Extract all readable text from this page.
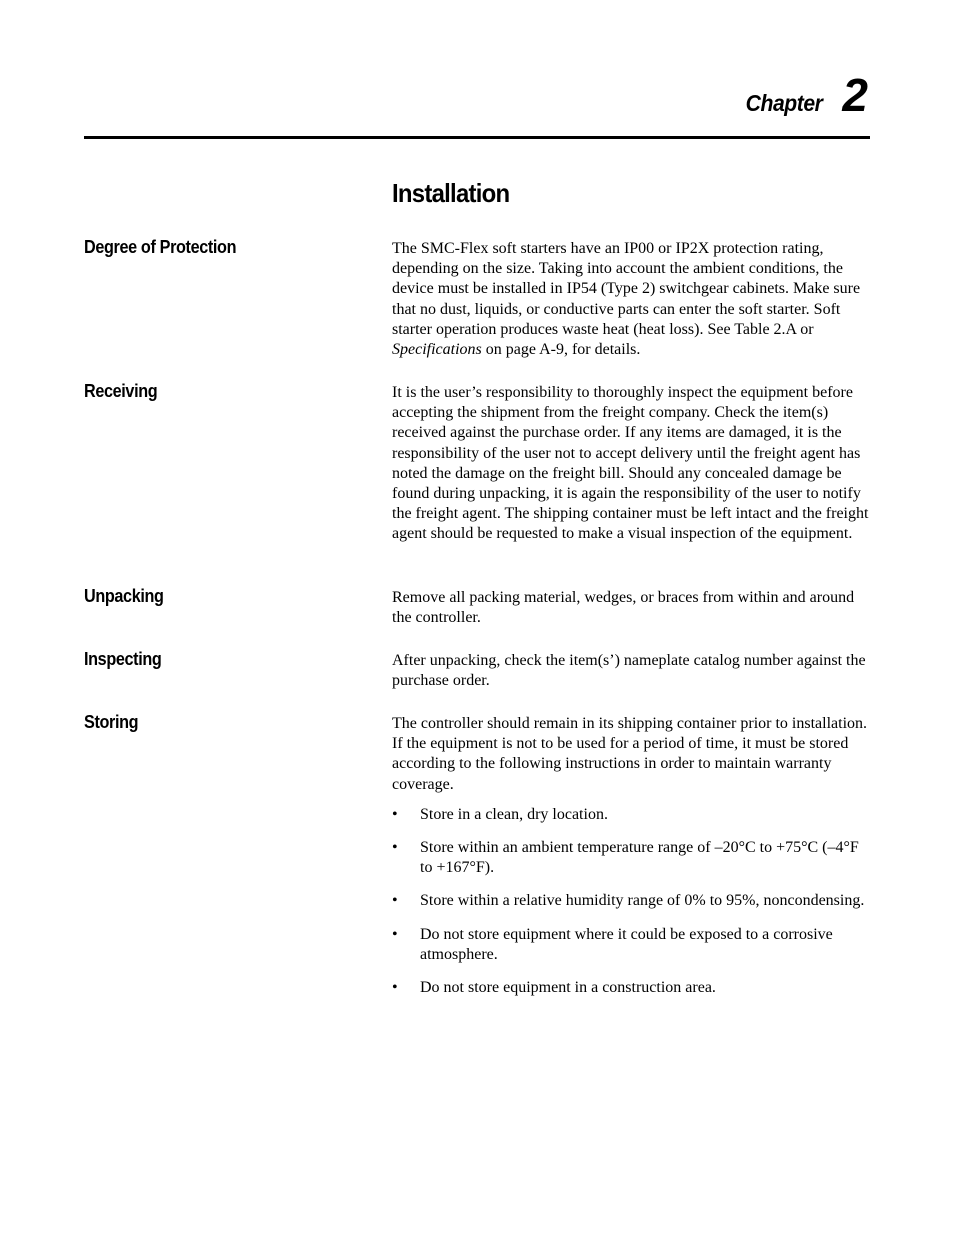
Chapter 2
Installation
Degree of Protection	The SMC-Flex soft starters have an IP00 or IP2X protection rating, depending on the size. Taking into account the ambient conditions, the device must be installed in IP54 (Type 2) switchgear cabinets. Make sure that no dust, liquids, or conductive parts can enter the soft starter. Soft starter operation produces waste heat (heat loss). See Table 2.A or Specifications on page A-9, for details.

Receiving	It is the user’s responsibility to thoroughly inspect the equipment before accepting the shipment from the freight company. Check the item(s) received against the purchase order. If any items are damaged, it is the responsibility of the user not to accept delivery until the freight agent has noted the damage on the freight bill. Should any concealed damage be found during unpacking, it is again the responsibility of the user to notify the freight agent. The shipping container must be left intact and the freight agent should be requested to make a visual inspection of the equipment.

Unpacking	Remove all packing material, wedges, or braces from within and around the controller.

Inspecting	After unpacking, check the item(s’) nameplate catalog number against the purchase order.

Storing	The controller should remain in its shipping container prior to installation. If the equipment is not to be used for a period of time, it must be stored according to the following instructions in order to maintain warranty coverage.

• Store in a clean, dry location.
• Store within an ambient temperature range of –20°C to +75°C (–4°F to +167°F).
• Store within a relative humidity range of 0% to 95%, noncondensing.
• Do not store equipment where it could be exposed to a corrosive atmosphere.
• Do not store equipment in a construction area.
